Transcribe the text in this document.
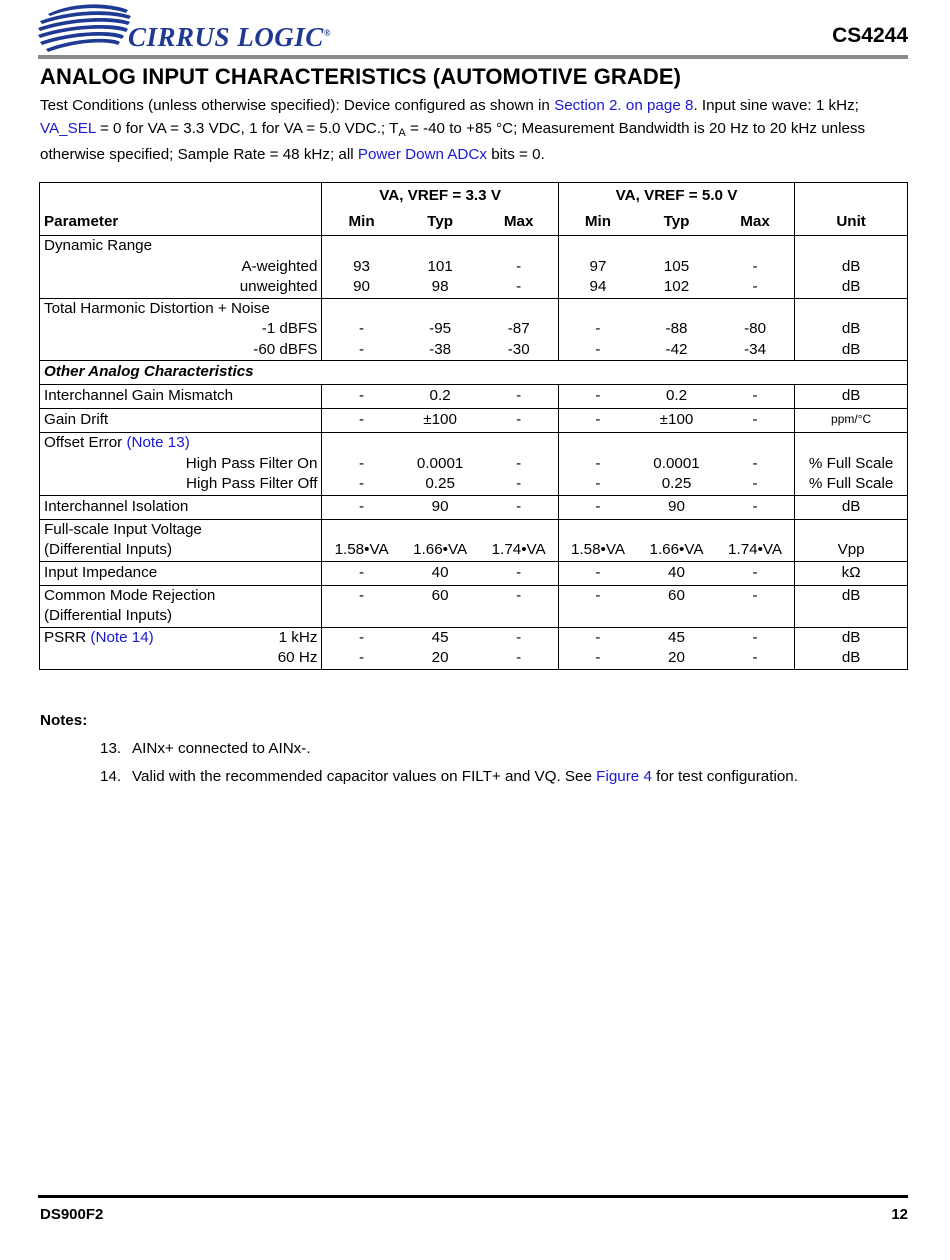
CIRRUS LOGIC®	CS4244
ANALOG INPUT CHARACTERISTICS (AUTOMOTIVE GRADE)
Test Conditions (unless otherwise specified): Device configured as shown in Section 2. on page 8. Input sine wave: 1 kHz; VA_SEL = 0 for VA = 3.3 VDC, 1 for VA = 5.0 VDC.; $T_A = -40$ to +85 °C; Measurement Bandwidth is 20 Hz to 20 kHz unless otherwise specified; Sample Rate = 48 kHz; all Power Down ADCx bits = 0.
Parameter	VA, VREF = 3.3 V			VA, VREF = 5.0 V			Unit

	Min	Typ	Max	Min	Typ	Max	
Dynamic Range							
A-weighted	93	101	-	97	105	-	dB
unweighted	90	98	-	94	102	-	dB
Total Harmonic Distortion + Noise							
-1 dBFS	-	-95	-87	-	-88	-80	dB
-60 dBFS	-	-38	-30	-	-42	-34	dB
Other Analog Characteristics							
Interchannel Gain Mismatch	-	0.2	-	-	0.2	-	dB
Gain Drift	-	±100	-	-	±100	-	ppm/°C
Offset Error (Note 13)							
High Pass Filter On	-	0.0001	-	-	0.0001	-	% Full Scale
High Pass Filter Off	-	0.25	-	-	0.25	-	% Full Scale
Interchannel Isolation	-	90	-	-	90	-	dB
Full-scale Input Voltage							
(Differential Inputs)	1.58•VA	1.66•VA	1.74•VA	1.58•VA	1.66•VA	1.74•VA	Vpp
Input Impedance	-	40	-	-	40	-	kΩ
Common Mode Rejection	-	60	-	-	60	-	dB
(Differential Inputs)							
PSRR (Note 14) 1 kHz	-	45	-	-	45	-	dB
60 Hz	-	20	-	-	20	-	dB
Notes:
13. AINx+ connected to AINx-.
14. Valid with the recommended capacitor values on FILT+ and VQ. See Figure 4 for test configuration.
DS900F2	12
